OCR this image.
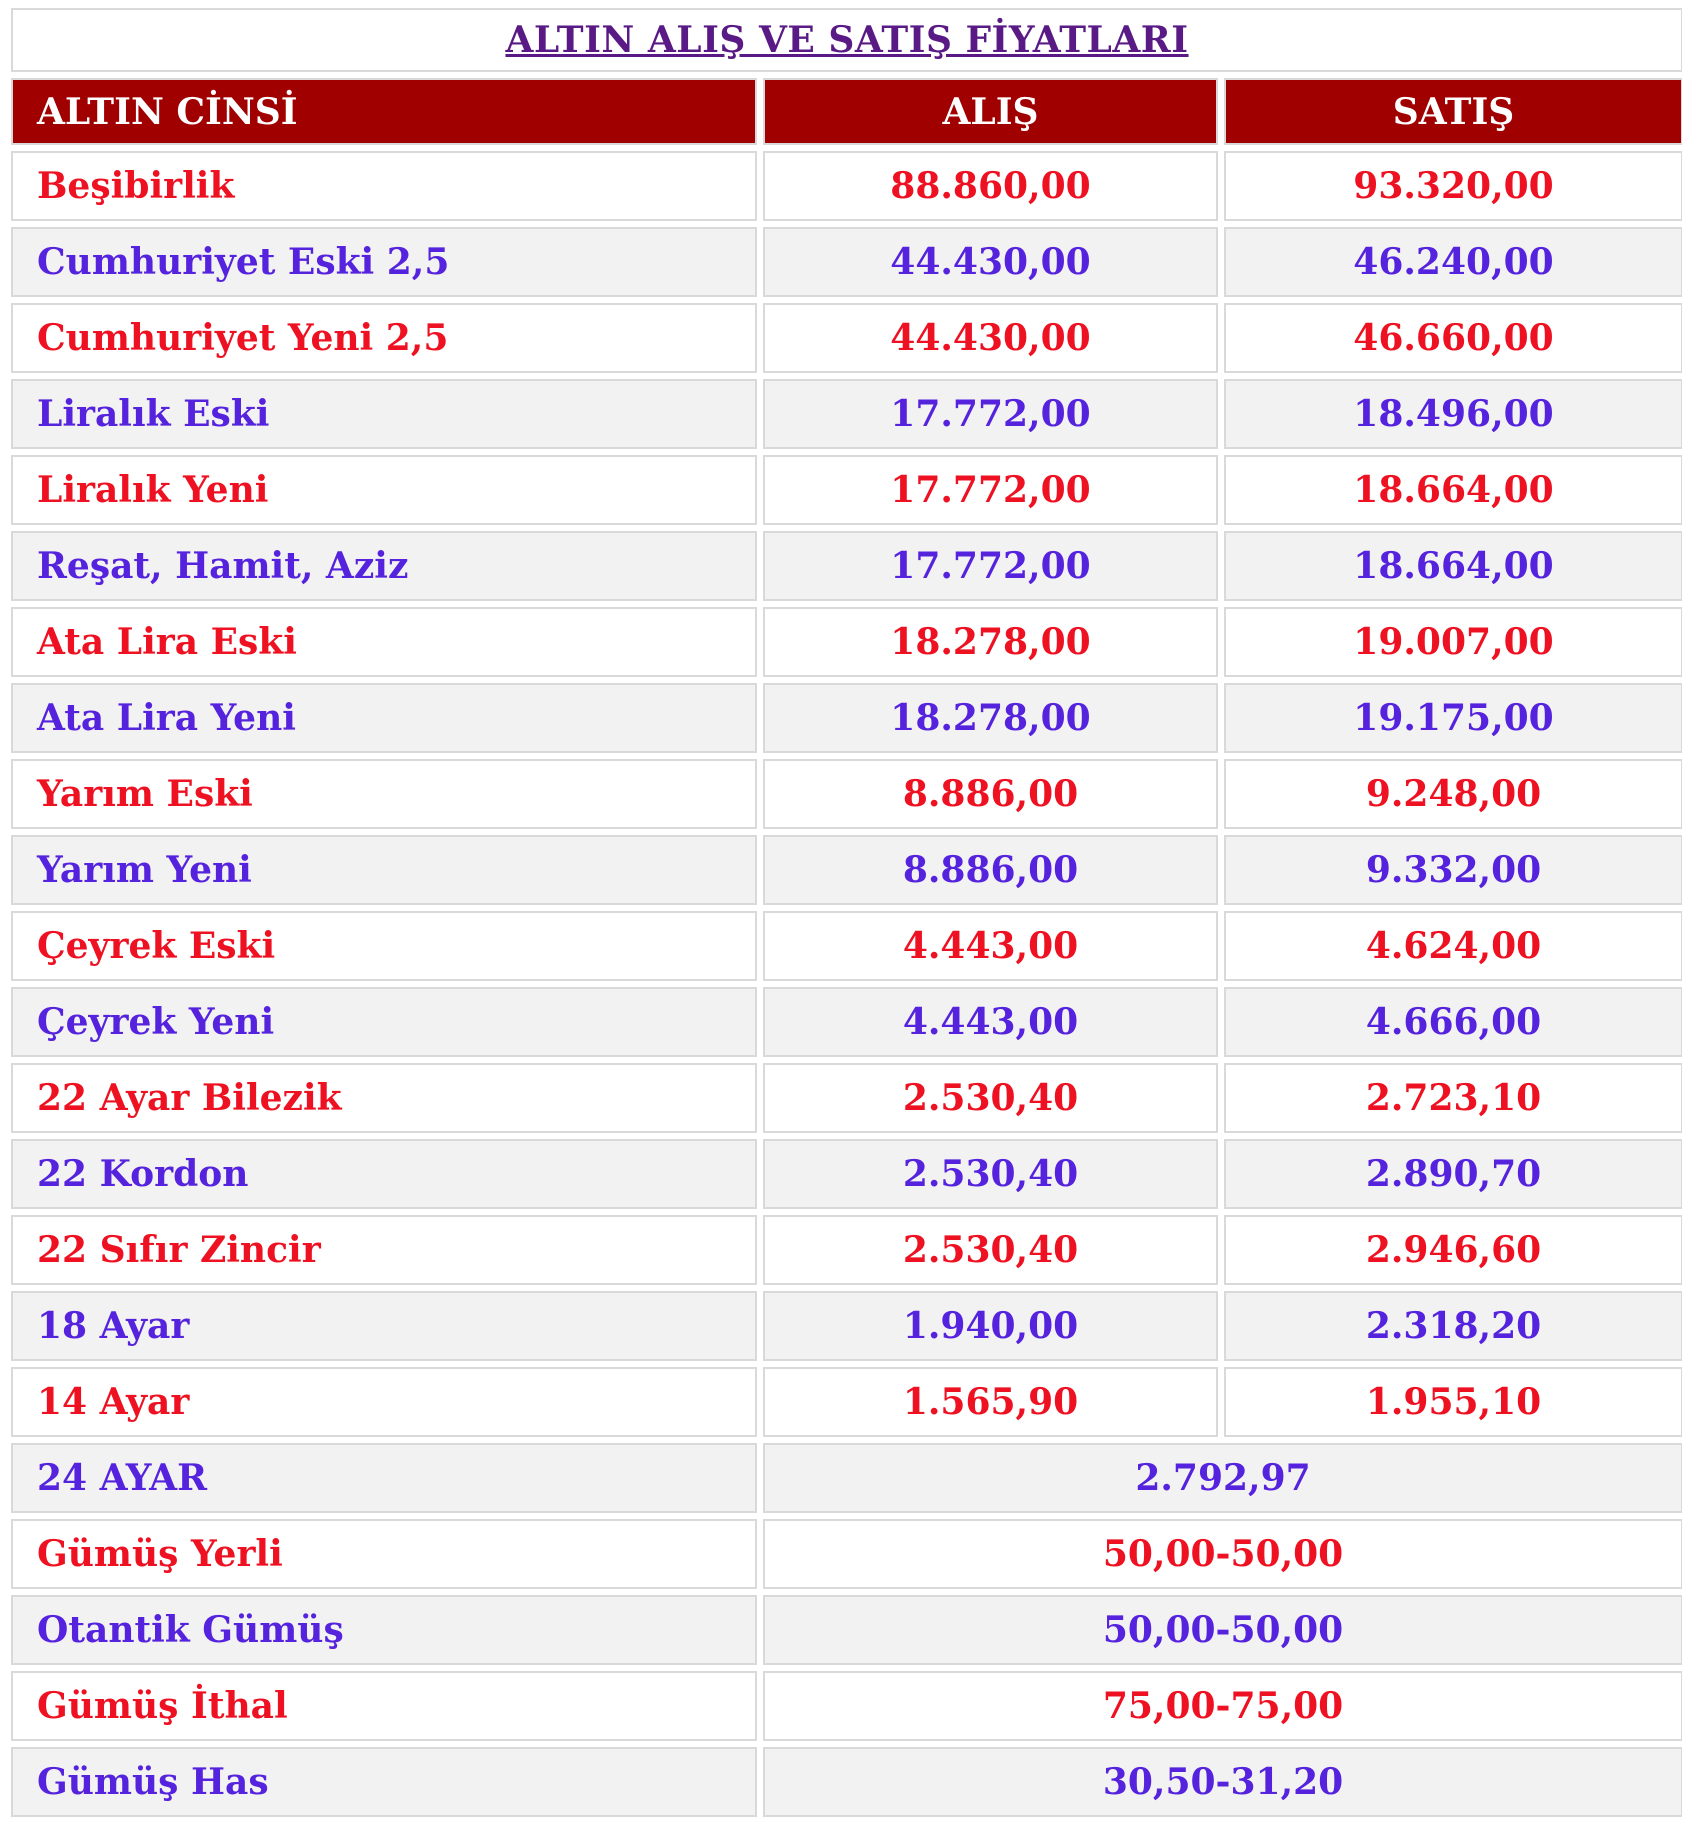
ALTIN ALIŞ VE SATIŞ FİYATLARI		
ALTIN CİNSİ	ALIŞ	SATIŞ
Beşibirlik	88.860,00	93.320,00
Cumhuriyet Eski 2,5	44.430,00	46.240,00
Cumhuriyet Yeni 2,5	44.430,00	46.660,00
Liralık Eski	17.772,00	18.496,00
Liralık Yeni	17.772,00	18.664,00
Reşat, Hamit, Aziz	17.772,00	18.664,00
Ata Lira Eski	18.278,00	19.007,00
Ata Lira Yeni	18.278,00	19.175,00
Yarım Eski	8.886,00	9.248,00
Yarım Yeni	8.886,00	9.332,00
Çeyrek Eski	4.443,00	4.624,00
Çeyrek Yeni	4.443,00	4.666,00
22 Ayar Bilezik	2.530,40	2.723,10
22 Kordon	2.530,40	2.890,70
22 Sıfır Zincir	2.530,40	2.946,60
18 Ayar	1.940,00	2.318,20
14 Ayar	1.565,90	1.955,10
24 AYAR	2.792,97	
Gümüş Yerli	50,00-50,00	
Otantik Gümüş	50,00-50,00	
Gümüş İthal	75,00-75,00	
Gümüş Has	30,50-31,20	
